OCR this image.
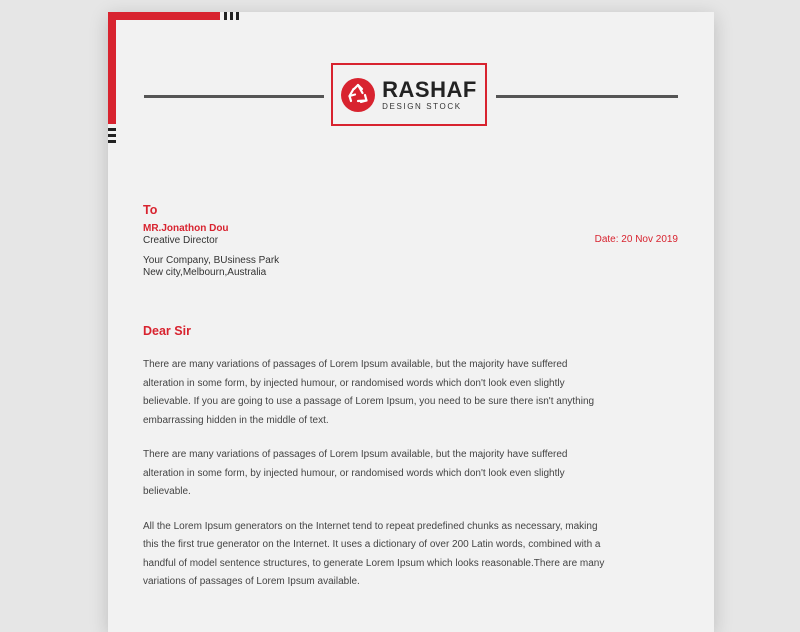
RASHAF
DESIGN STOCK
To
MR.Jonathon Dou
Creative Director
Your Company, BUsiness Park
New city,Melbourn,Australia
Date: 20 Nov 2019
Dear Sir

There are many variations of passages of Lorem Ipsum available, but the majority have suffered
alteration in some form, by injected humour, or randomised words which don't look even slightly
believable. If you are going to use a passage of Lorem Ipsum, you need to be sure there isn't anything
embarrassing hidden in the middle of text.

There are many variations of passages of Lorem Ipsum available, but the majority have suffered
alteration in some form, by injected humour, or randomised words which don't look even slightly
believable.

All the Lorem Ipsum generators on the Internet tend to repeat predefined chunks as necessary, making
this the first true generator on the Internet. It uses a dictionary of over 200 Latin words, combined with a
handful of model sentence structures, to generate Lorem Ipsum which looks reasonable.There are many
variations of passages of Lorem Ipsum available.
